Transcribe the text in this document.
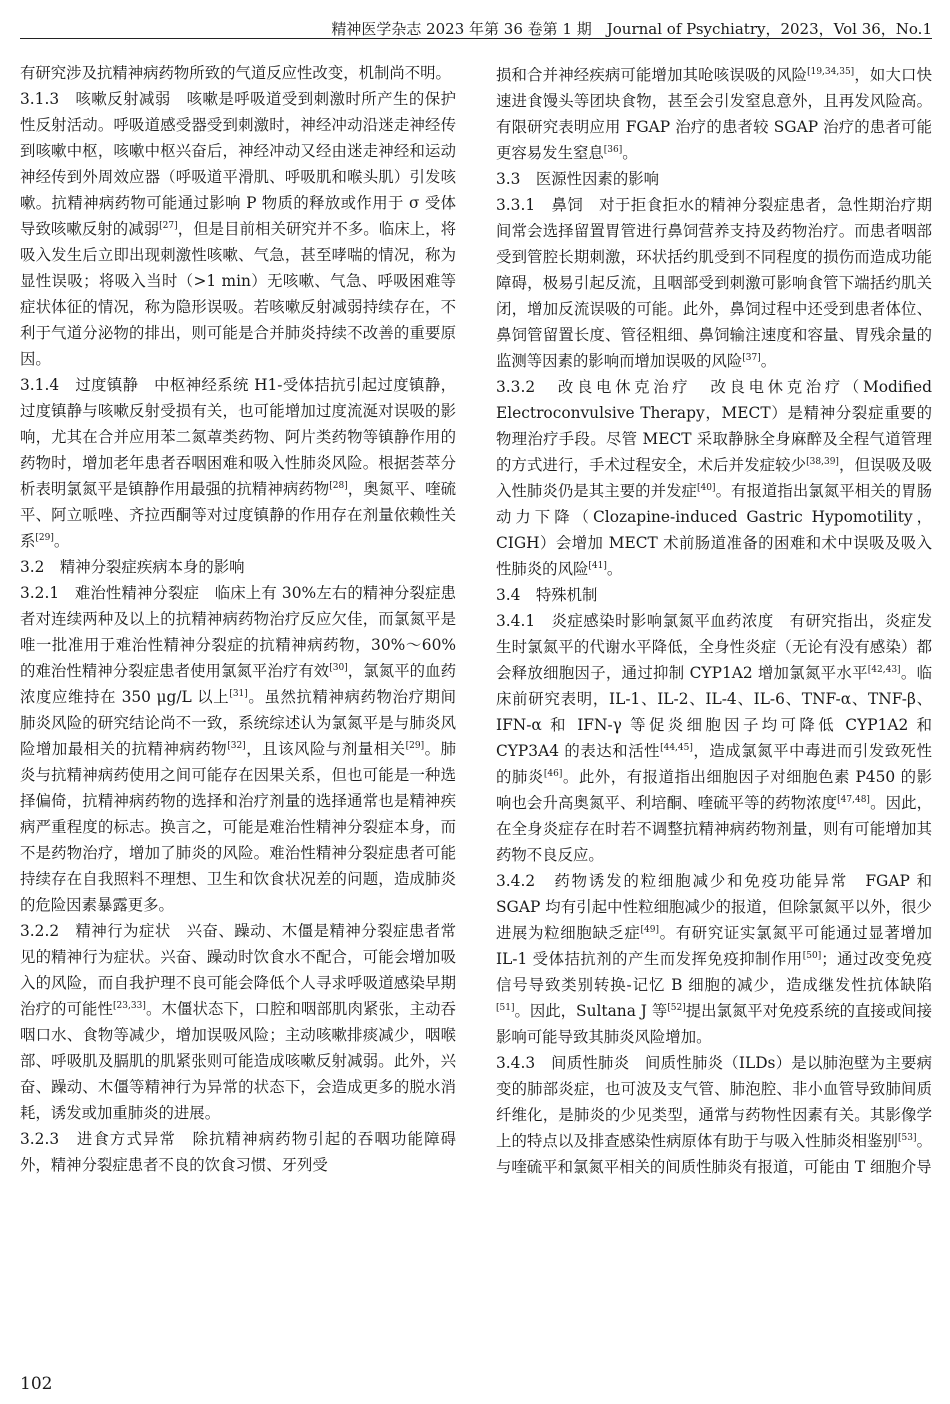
精神医学杂志 2023 年第 36 卷第 1 期　Journal of Psychiatry，2023，Vol 36，No.1

有研究涉及抗精神病药物所致的气道反应性改变，机制尚不明。

3.1.3　咳嗽反射减弱　咳嗽是呼吸道受到刺激时所产生的保护性反射活动。呼吸道感受器受到刺激时，神经冲动沿迷走神经传到咳嗽中枢，咳嗽中枢兴奋后，神经冲动又经由迷走神经和运动神经传到外周效应器（呼吸道平滑肌、呼吸肌和喉头肌）引发咳嗽。抗精神病药物可能通过影响 P 物质的释放或作用于 σ 受体导致咳嗽反射的减弱[27]，但是目前相关研究并不多。临床上，将吸入发生后立即出现刺激性咳嗽、气急，甚至哮喘的情况，称为显性误吸；将吸入当时（>1 min）无咳嗽、气急、呼吸困难等症状体征的情况，称为隐形误吸。若咳嗽反射减弱持续存在，不利于气道分泌物的排出，则可能是合并肺炎持续不改善的重要原因。

3.1.4　过度镇静　中枢神经系统 H1-受体拮抗引起过度镇静，过度镇静与咳嗽反射受损有关，也可能增加过度流涎对误吸的影响，尤其在合并应用苯二氮䓬类药物、阿片类药物等镇静作用的药物时，增加老年患者吞咽困难和吸入性肺炎风险。根据荟萃分析表明氯氮平是镇静作用最强的抗精神病药物[28]，奥氮平、喹硫平、阿立哌唑、齐拉西酮等对过度镇静的作用存在剂量依赖性关系[29]。

3.2　精神分裂症疾病本身的影响

3.2.1　难治性精神分裂症　临床上有 30%左右的精神分裂症患者对连续两种及以上的抗精神病药物治疗反应欠佳，而氯氮平是唯一批准用于难治性精神分裂症的抗精神病药物，30%～60%的难治性精神分裂症患者使用氯氮平治疗有效[30]，氯氮平的血药浓度应维持在 350 μg/L 以上[31]。虽然抗精神病药物治疗期间肺炎风险的研究结论尚不一致，系统综述认为氯氮平是与肺炎风险增加最相关的抗精神病药物[32]，且该风险与剂量相关[29]。肺炎与抗精神病药使用之间可能存在因果关系，但也可能是一种选择偏倚，抗精神病药物的选择和治疗剂量的选择通常也是精神疾病严重程度的标志。换言之，可能是难治性精神分裂症本身，而不是药物治疗，增加了肺炎的风险。难治性精神分裂症患者可能持续存在自我照料不理想、卫生和饮食状况差的问题，造成肺炎的危险因素暴露更多。

3.2.2　精神行为症状　兴奋、躁动、木僵是精神分裂症患者常见的精神行为症状。兴奋、躁动时饮食水不配合，可能会增加吸入的风险，而自我护理不良可能会降低个人寻求呼吸道感染早期治疗的可能性[23,33]。木僵状态下，口腔和咽部肌肉紧张，主动吞咽口水、食物等减少，增加误吸风险；主动咳嗽排痰减少，咽喉部、呼吸肌及膈肌的肌紧张则可能造成咳嗽反射减弱。此外，兴奋、躁动、木僵等精神行为异常的状态下，会造成更多的脱水消耗，诱发或加重肺炎的进展。

3.2.3　进食方式异常　除抗精神病药物引起的吞咽功能障碍外，精神分裂症患者不良的饮食习惯、牙列受

损和合并神经疾病可能增加其呛咳误吸的风险[19,34,35]，如大口快速进食馒头等团块食物，甚至会引发窒息意外，且再发风险高。有限研究表明应用 FGAP 治疗的患者较 SGAP 治疗的患者可能更容易发生窒息[36]。

3.3　医源性因素的影响

3.3.1　鼻饲　对于拒食拒水的精神分裂症患者，急性期治疗期间常会选择留置胃管进行鼻饲营养支持及药物治疗。而患者咽部受到管腔长期刺激，环状括约肌受到不同程度的损伤而造成功能障碍，极易引起反流，且咽部受到刺激可影响食管下端括约肌关闭，增加反流误吸的可能。此外，鼻饲过程中还受到患者体位、鼻饲管留置长度、管径粗细、鼻饲输注速度和容量、胃残余量的监测等因素的影响而增加误吸的风险[37]。

3.3.2　改良电休克治疗　改良电休克治疗（Modified Electroconvulsive Therapy，MECT）是精神分裂症重要的物理治疗手段。尽管 MECT 采取静脉全身麻醉及全程气道管理的方式进行，手术过程安全，术后并发症较少[38,39]，但误吸及吸入性肺炎仍是其主要的并发症[40]。有报道指出氯氮平相关的胃肠动力下降（Clozapine-induced Gastric Hypomotility，CIGH）会增加 MECT 术前肠道准备的困难和术中误吸及吸入性肺炎的风险[41]。

3.4　特殊机制

3.4.1　炎症感染时影响氯氮平血药浓度　有研究指出，炎症发生时氯氮平的代谢水平降低，全身性炎症（无论有没有感染）都会释放细胞因子，通过抑制 CYP1A2 增加氯氮平水平[42,43]。临床前研究表明，IL-1、IL-2、IL-4、IL-6、TNF-α、TNF-β、IFN-α 和 IFN-γ 等促炎细胞因子均可降低 CYP1A2 和 CYP3A4 的表达和活性[44,45]，造成氯氮平中毒进而引发致死性的肺炎[46]。此外，有报道指出细胞因子对细胞色素 P450 的影响也会升高奥氮平、利培酮、喹硫平等的药物浓度[47,48]。因此，在全身炎症存在时若不调整抗精神病药物剂量，则有可能增加其药物不良反应。

3.4.2　药物诱发的粒细胞减少和免疫功能异常　FGAP 和 SGAP 均有引起中性粒细胞减少的报道，但除氯氮平以外，很少进展为粒细胞缺乏症[49]。有研究证实氯氮平可能通过显著增加 IL-1 受体拮抗剂的产生而发挥免疫抑制作用[50]；通过改变免疫信号导致类别转换-记忆 B 细胞的减少，造成继发性抗体缺陷[51]。因此，Sultana J 等[52]提出氯氮平对免疫系统的直接或间接影响可能导致其肺炎风险增加。

3.4.3　间质性肺炎　间质性肺炎（ILDs）是以肺泡壁为主要病变的肺部炎症，也可波及支气管、肺泡腔、非小血管导致肺间质纤维化，是肺炎的少见类型，通常与药物性因素有关。其影像学上的特点以及排查感染性病原体有助于与吸入性肺炎相鉴别[53]。与喹硫平和氯氮平相关的间质性肺炎有报道，可能由 T 细胞介导

102
